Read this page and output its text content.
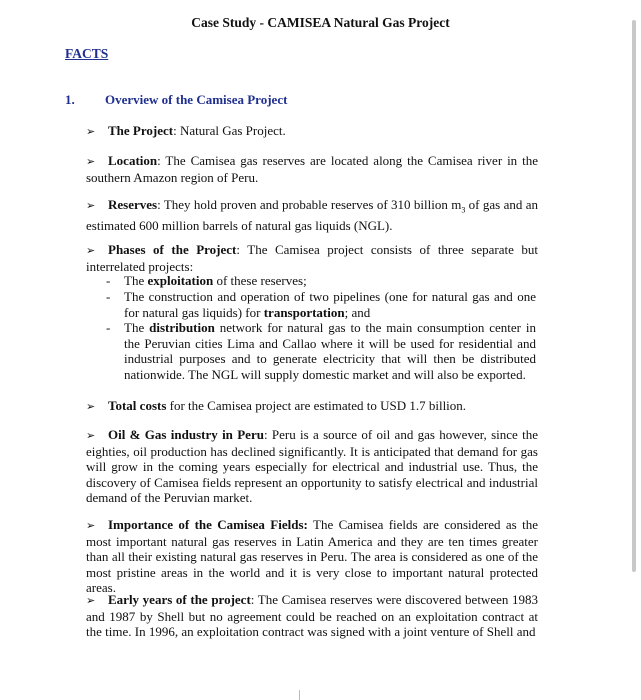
Case Study - CAMISEA Natural Gas Project
FACTS
1. Overview of the Camisea Project
➢ The Project: Natural Gas Project.
➢ Location: The Camisea gas reserves are located along the Camisea river in the southern Amazon region of Peru.
➢ Reserves: They hold proven and probable reserves of 310 billion $m_3$ of gas and an estimated 600 million barrels of natural gas liquids (NGL).
➢ Phases of the Project: The Camisea project consists of three separate but interrelated projects:
- The exploitation of these reserves;
- The construction and operation of two pipelines (one for natural gas and one for natural gas liquids) for transportation; and
- The distribution network for natural gas to the main consumption center in the Peruvian cities Lima and Callao where it will be used for residential and industrial purposes and to generate electricity that will then be distributed nationwide. The NGL will supply domestic market and will also be exported.
➢ Total costs for the Camisea project are estimated to USD 1.7 billion.
➢ Oil & Gas industry in Peru: Peru is a source of oil and gas however, since the eighties, oil production has declined significantly. It is anticipated that demand for gas will grow in the coming years especially for electrical and industrial use. Thus, the discovery of Camisea fields represent an opportunity to satisfy electrical and industrial demand of the Peruvian market.
➢ Importance of the Camisea Fields: The Camisea fields are considered as the most important natural gas reserves in Latin America and they are ten times greater than all their existing natural gas reserves in Peru. The area is considered as one of the most pristine areas in the world and it is very close to important natural protected areas.
➢ Early years of the project: The Camisea reserves were discovered between 1983 and 1987 by Shell but no agreement could be reached on an exploitation contract at the time. In 1996, an exploitation contract was signed with a joint venture of Shell and
